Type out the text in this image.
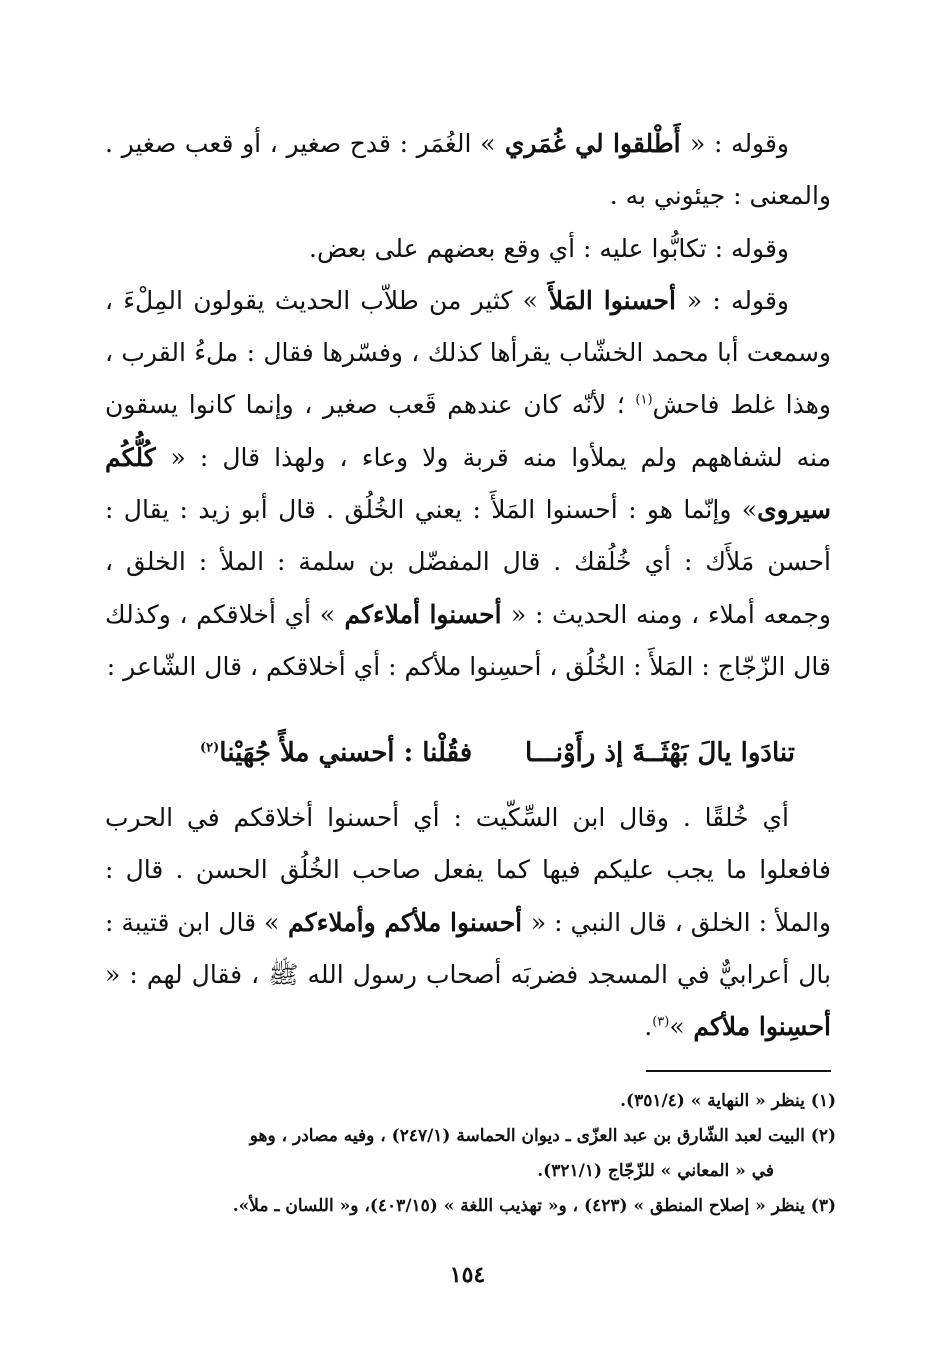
وقوله : « أَطْلقوا لي غُمَري » الغُمَر : قدح صغير ، أو قعب صغير . والمعنى : جيئوني به .

وقوله : تكابُّوا عليه : أي وقع بعضهم على بعض.

وقوله : « أحسنوا المَلأَ » كثير من طلاّب الحديث يقولون المِلْءَ ، وسمعت أبا محمد الخشّاب يقرأها كذلك ، وفسّرها فقال : ملءُ القرب ، وهذا غلط فاحش$^{(١)}$ ؛ لأنّه كان عندهم قَعب صغير ، وإنما كانوا يسقون منه لشفاههم ولم يملأوا منه قربة ولا وعاء ، ولهذا قال : « كُلُّكُم سيروى» وإنّما هو : أحسنوا المَلأَ : يعني الخُلُق . قال أبو زيد : يقال : أحسن مَلأَك : أي خُلُقك . قال المفضّل بن سلمة : الملأ : الخلق ، وجمعه أملاء ، ومنه الحديث : « أحسنوا أملاءكم » أي أخلاقكم ، وكذلك قال الزّجّاج : المَلأَ : الخُلُق ، أحسِنوا ملأكم : أي أخلاقكم ، قال الشّاعر :

تنادَوا يالَ بَهْثَــةَ إذ رأَوْنـــا
فقُلْنا : أحسني ملأً جُهَيْنا$^{(٢)}$
أي خُلقًا . وقال ابن السِّكّيت : أي أحسنوا أخلاقكم في الحرب فافعلوا ما يجب عليكم فيها كما يفعل صاحب الخُلُق الحسن . قال : والملأ : الخلق ، قال النبي : « أحسنوا ملأكم وأملاءكم » قال ابن قتيبة : بال أعرابيٌّ في المسجد فضربَه أصحاب رسول الله ﷺ ، فقال لهم : « أحسِنوا ملأكم »$^{(٣)}$.

(١) ينظر « النهاية » (٣٥١/٤).

(٢) البيت لعبد الشّارق بن عبد العزّى ـ ديوان الحماسة (٢٤٧/١) ، وفيه مصادر ، وهو

في « المعاني » للزّجّاج (٣٢١/١).

(٣) ينظر « إصلاح المنطق » (٤٢٣) ، و« تهذيب اللغة » (٤٠٣/١٥)، و« اللسان ـ ملأ».

١٥٤
